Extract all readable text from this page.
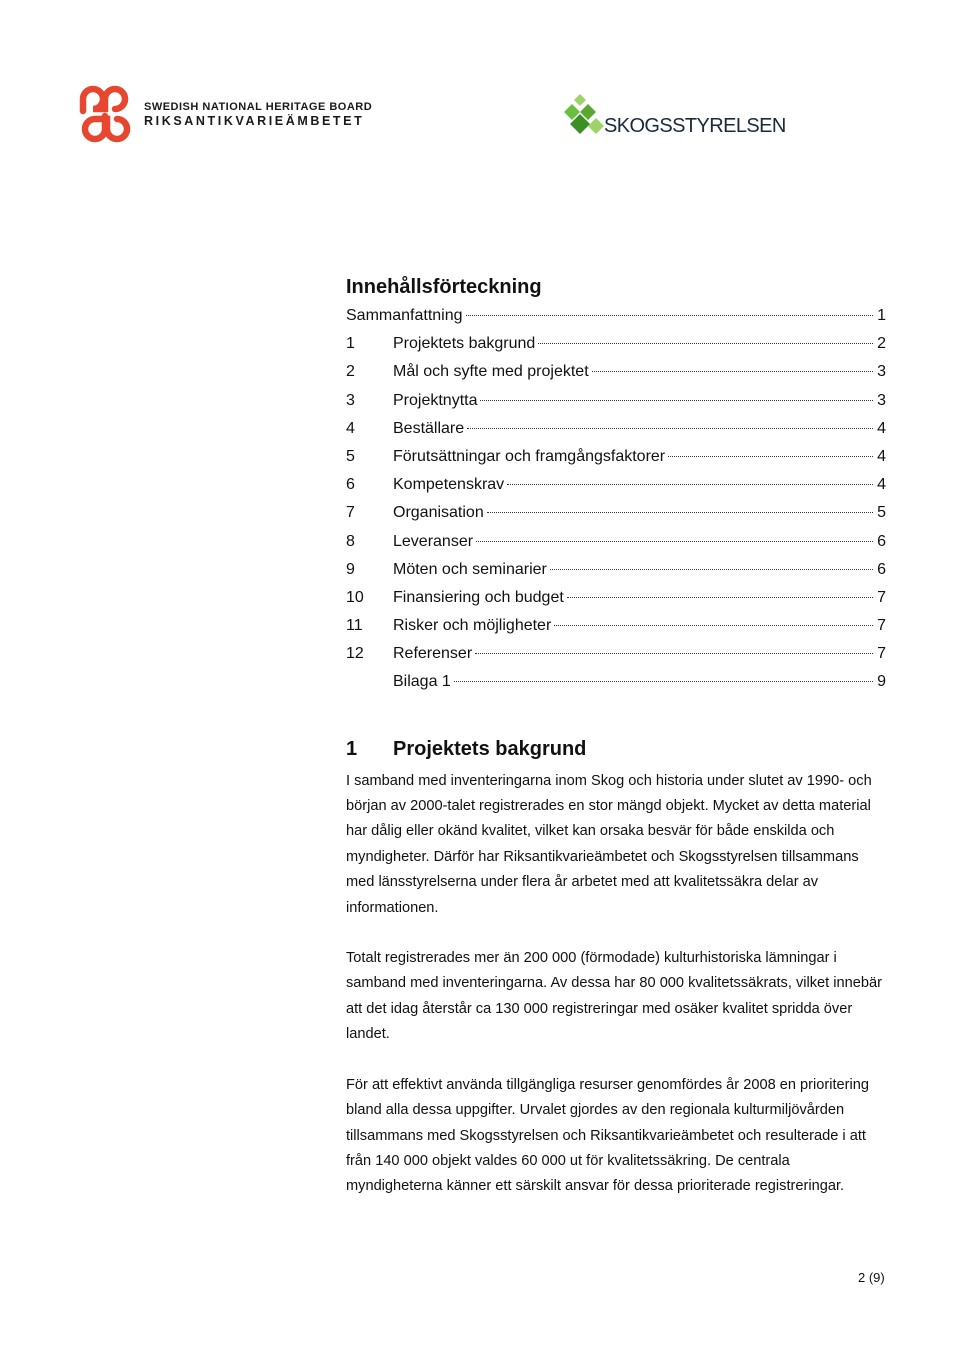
SWEDISH NATIONAL HERITAGE BOARD
RIKSANTIKVARIEÄMBETET	SKOGSSTYRELSEN
Innehållsförteckning
Sammanfattning	1
1	Projektets bakgrund	2
2	Mål och syfte med projektet	3
3	Projektnytta	3
4	Beställare	4
5	Förutsättningar och framgångsfaktorer	4
6	Kompetenskrav	4
7	Organisation	5
8	Leveranser	6
9	Möten och seminarier	6
10	Finansiering och budget	7
11	Risker och möjligheter	7
12	Referenser	7
Bilaga 1	9
1	Projektets bakgrund

I samband med inventeringarna inom Skog och historia under slutet av 1990- och början av 2000-talet registrerades en stor mängd objekt. Mycket av detta material har dålig eller okänd kvalitet, vilket kan orsaka besvär för både enskilda och myndigheter. Därför har Riksantikvarieämbetet och Skogsstyrelsen tillsammans med länsstyrelserna under flera år arbetet med att kvalitetssäkra delar av informationen.

Totalt registrerades mer än 200 000 (förmodade) kulturhistoriska lämningar i samband med inventeringarna. Av dessa har 80 000 kvalitetssäkrats, vilket innebär att det idag återstår ca 130 000 registreringar med osäker kvalitet spridda över landet.

För att effektivt använda tillgängliga resurser genomfördes år 2008 en prioritering bland alla dessa uppgifter. Urvalet gjordes av den regionala kulturmiljövården tillsammans med Skogsstyrelsen och Riksantikvarieämbetet och resulterade i att från 140 000 objekt valdes 60 000 ut för kvalitetssäkring. De centrala myndigheterna känner ett särskilt ansvar för dessa prioriterade registreringar.

2 (9)
